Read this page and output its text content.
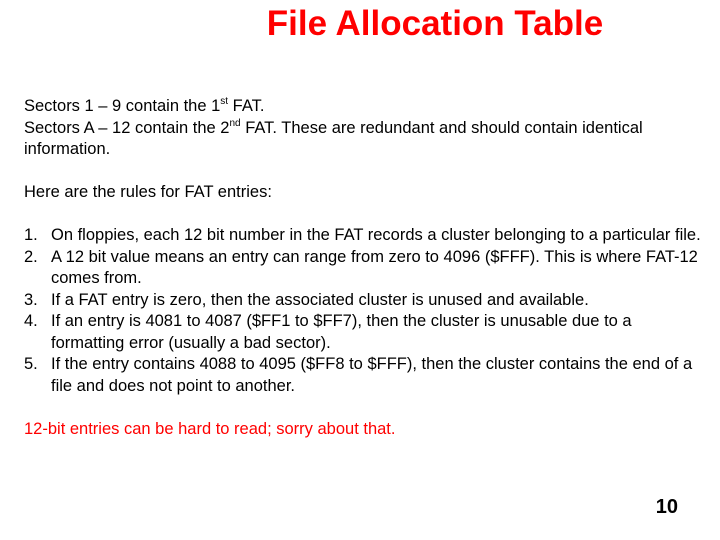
File Allocation Table

Sectors 1 – 9 contain the 1st FAT.

Sectors A – 12 contain the 2nd FAT. These are redundant and should contain identical information.

Here are the rules for FAT entries:

1. On floppies, each 12 bit number in the FAT records a cluster belonging to a particular file.
2. A 12 bit value means an entry can range from zero to 4096 ($FFF). This is where FAT-12 comes from.
3. If a FAT entry is zero, then the associated cluster is unused and available.
4. If an entry is 4081 to 4087 ($FF1 to $FF7), then the cluster is unusable due to a formatting error (usually a bad sector).
5. If the entry contains 4088 to 4095 ($FF8 to $FFF), then the cluster contains the end of a file and does not point to another.

12-bit entries can be hard to read; sorry about that.

10
